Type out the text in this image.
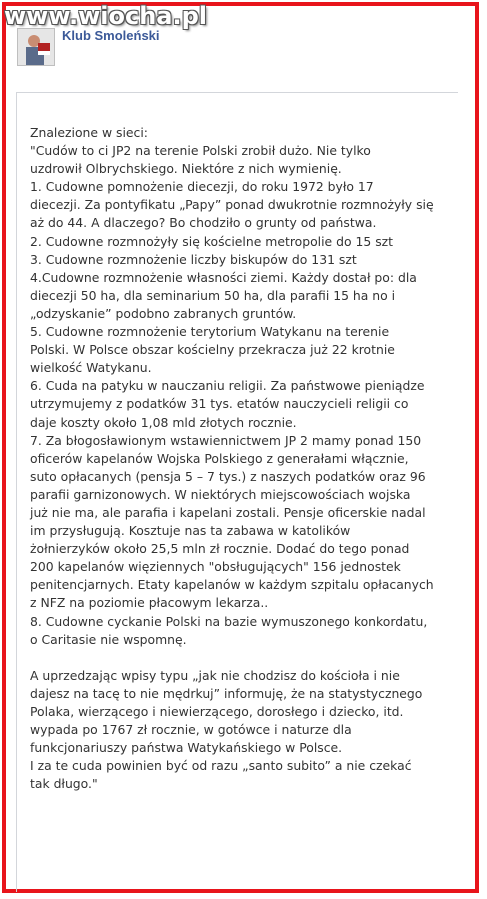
www.wiocha.pl
Klub Smoleński
Znalezione w sieci:
"Cudów to ci JP2 na terenie Polski zrobił dużo. Nie tylko
uzdrowił Olbrychskiego. Niektóre z nich wymienię.
1. Cudowne pomnożenie diecezji, do roku 1972 było 17
diecezji. Za pontyfikatu „Papy” ponad dwukrotnie rozmnożyły się
aż do 44. A dlaczego? Bo chodziło o grunty od państwa.
2. Cudowne rozmnożyły się kościelne metropolie do 15 szt
3. Cudowne rozmnożenie liczby biskupów do 131 szt
4.Cudowne rozmnożenie własności ziemi. Każdy dostał po: dla
diecezji 50 ha, dla seminarium 50 ha, dla parafii 15 ha no i
„odzyskanie” podobno zabranych gruntów.
5. Cudowne rozmnożenie terytorium Watykanu na terenie
Polski. W Polsce obszar kościelny przekracza już 22 krotnie
wielkość Watykanu.
6. Cuda na patyku w nauczaniu religii. Za państwowe pieniądze
utrzymujemy z podatków 31 tys. etatów nauczycieli religii co
daje koszty około 1,08 mld złotych rocznie.
7. Za błogosławionym wstawiennictwem JP 2 mamy ponad 150
oficerów kapelanów Wojska Polskiego z generałami włącznie,
suto opłacanych (pensja 5 – 7 tys.) z naszych podatków oraz 96
parafii garnizonowych. W niektórych miejscowościach wojska
już nie ma, ale parafia i kapelani zostali. Pensje oficerskie nadal
im przysługują. Kosztuje nas ta zabawa w katolików
żołnierzyków około 25,5 mln zł rocznie. Dodać do tego ponad
200 kapelanów więziennych "obsługujących" 156 jednostek
penitencjarnych. Etaty kapelanów w każdym szpitalu opłacanych
z NFZ na poziomie płacowym lekarza..
8. Cudowne cyckanie Polski na bazie wymuszonego konkordatu,
o Caritasie nie wspomnę.
A uprzedzając wpisy typu „jak nie chodzisz do kościoła i nie
dajesz na tacę to nie mędrkuj” informuję, że na statystycznego
Polaka, wierzącego i niewierzącego, dorosłego i dziecko, itd.
wypada po 1767 zł rocznie, w gotówce i naturze dla
funkcjonariuszy państwa Watykańskiego w Polsce.
I za te cuda powinien być od razu „santo subito” a nie czekać
tak długo."
